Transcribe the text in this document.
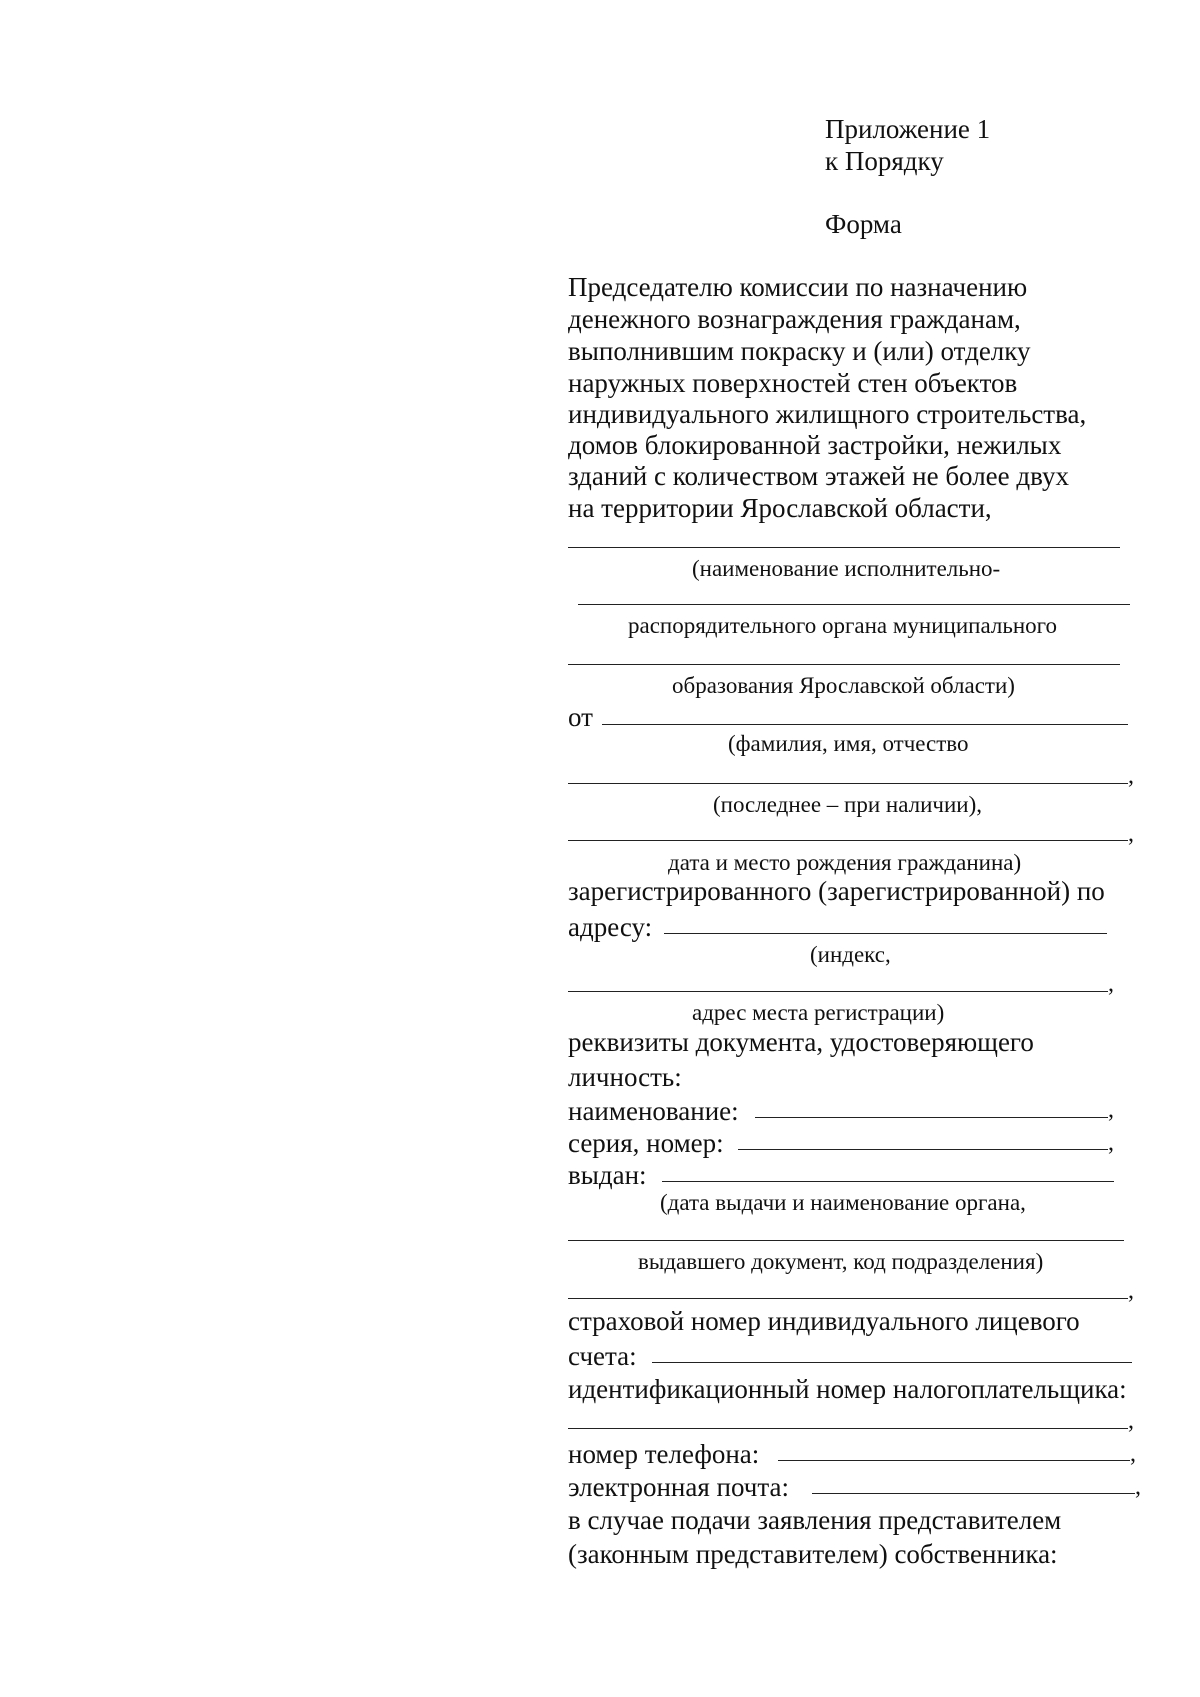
Приложение 1
к Порядку
Форма
Председателю комиссии по назначению
денежного вознаграждения гражданам,
выполнившим покраску и (или) отделку
наружных поверхностей стен объектов
индивидуального жилищного строительства,
домов блокированной застройки, нежилых
зданий с количеством этажей не более двух
на территории Ярославской области,
(наименование исполнительно-
распорядительного органа муниципального
образования Ярославской области)
от
(фамилия, имя, отчество
,
(последнее – при наличии),
,
дата и место рождения гражданина)
зарегистрированного (зарегистрированной) по
адресу:
(индекс,
,
адрес места регистрации)
реквизиты документа, удостоверяющего
личность:
наименование:	,
серия, номер:	,
выдан:
(дата выдачи и наименование органа,
выдавшего документ, код подразделения)
,
страховой номер индивидуального лицевого
счета:
идентификационный номер налогоплательщика:
,
номер телефона:	,
электронная почта:	,
в случае подачи заявления представителем
(законным представителем) собственника:
